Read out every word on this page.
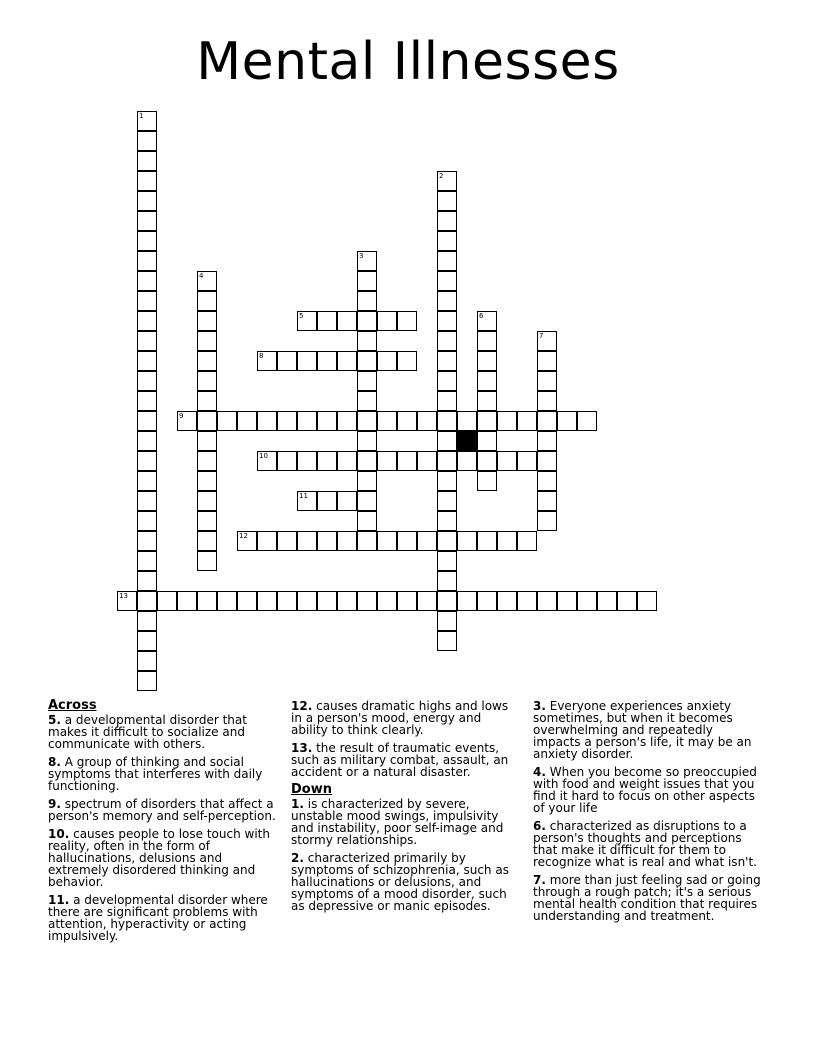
Mental Illnesses
1
2
3
4
5	6
7
8
9
10
11
12
13
Across

5. a developmental disorder that makes it difficult to socialize and communicate with others.

8. A group of thinking and social symptoms that interferes with daily functioning.

9. spectrum of disorders that affect a person's memory and self-perception.

10. causes people to lose touch with reality, often in the form of hallucinations, delusions and extremely disordered thinking and behavior.

11. a developmental disorder where there are significant problems with attention, hyperactivity or acting impulsively.

12. causes dramatic highs and lows in a person's mood, energy and ability to think clearly.

13. the result of traumatic events, such as military combat, assault, an accident or a natural disaster.

Down

1. is characterized by severe, unstable mood swings, impulsivity and instability, poor self-image and stormy relationships.

2. characterized primarily by symptoms of schizophrenia, such as hallucinations or delusions, and symptoms of a mood disorder, such as depressive or manic episodes.

3. Everyone experiences anxiety sometimes, but when it becomes overwhelming and repeatedly impacts a person's life, it may be an anxiety disorder.

4. When you become so preoccupied with food and weight issues that you find it hard to focus on other aspects of your life

6. characterized as disruptions to a person's thoughts and perceptions that make it difficult for them to recognize what is real and what isn't.

7. more than just feeling sad or going through a rough patch; it's a serious mental health condition that requires understanding and treatment.
